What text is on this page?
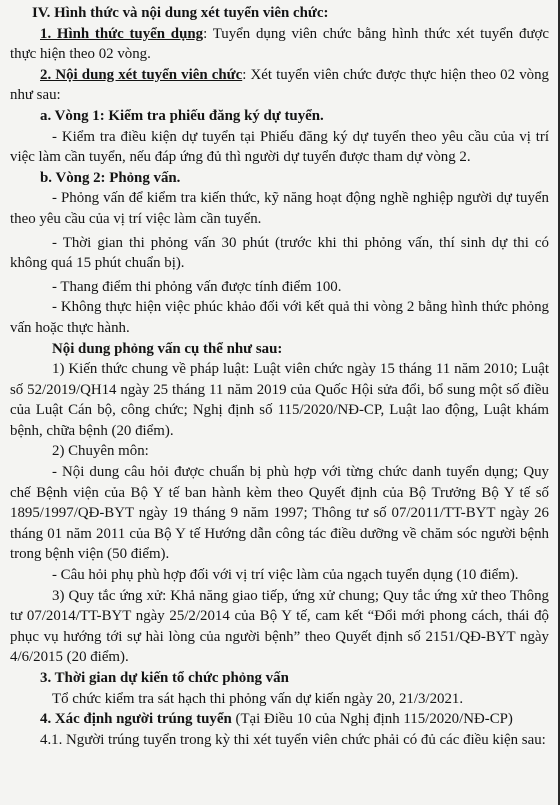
IV. Hình thức và nội dung xét tuyển viên chức:

1. Hình thức tuyển dụng: Tuyển dụng viên chức bằng hình thức xét tuyển được thực hiện theo 02 vòng.

2. Nội dung xét tuyển viên chức: Xét tuyển viên chức được thực hiện theo 02 vòng như sau:

a. Vòng 1: Kiểm tra phiếu đăng ký dự tuyển.

- Kiểm tra điều kiện dự tuyển tại Phiếu đăng ký dự tuyển theo yêu cầu của vị trí việc làm cần tuyển, nếu đáp ứng đủ thì người dự tuyển được tham dự vòng 2.

b. Vòng 2: Phỏng vấn.

- Phỏng vấn để kiểm tra kiến thức, kỹ năng hoạt động nghề nghiệp người dự tuyển theo yêu cầu của vị trí việc làm cần tuyển.

- Thời gian thi phỏng vấn 30 phút (trước khi thi phỏng vấn, thí sinh dự thi có không quá 15 phút chuẩn bị).

- Thang điểm thi phỏng vấn được tính điểm 100.

- Không thực hiện việc phúc khảo đối với kết quả thi vòng 2 bằng hình thức phỏng vấn hoặc thực hành.

Nội dung phỏng vấn cụ thể như sau:

1) Kiến thức chung về pháp luật: Luật viên chức ngày 15 tháng 11 năm 2010; Luật số 52/2019/QH14 ngày 25 tháng 11 năm 2019 của Quốc Hội sửa đổi, bổ sung một số điều của Luật Cán bộ, công chức; Nghị định số 115/2020/NĐ-CP, Luật lao động, Luật khám bệnh, chữa bệnh (20 điểm).

2) Chuyên môn:

- Nội dung câu hỏi được chuẩn bị phù hợp với từng chức danh tuyển dụng; Quy chế Bệnh viện của Bộ Y tế ban hành kèm theo Quyết định của Bộ Trưởng Bộ Y tế số 1895/1997/QĐ-BYT ngày 19 tháng 9 năm 1997; Thông tư số 07/2011/TT-BYT ngày 26 tháng 01 năm 2011 của Bộ Y tế Hướng dẫn công tác điều dưỡng về chăm sóc người bệnh trong bệnh viện (50 điểm).

- Câu hỏi phụ phù hợp đối với vị trí việc làm của ngạch tuyển dụng (10 điểm).

3) Quy tắc ứng xử: Khả năng giao tiếp, ứng xử chung; Quy tắc ứng xử theo Thông tư 07/2014/TT-BYT ngày 25/2/2014 của Bộ Y tế, cam kết “Đổi mới phong cách, thái độ phục vụ hướng tới sự hài lòng của người bệnh” theo Quyết định số 2151/QĐ-BYT ngày 4/6/2015 (20 điểm).

3. Thời gian dự kiến tổ chức phỏng vấn

Tổ chức kiểm tra sát hạch thi phỏng vấn dự kiến ngày 20, 21/3/2021.

4. Xác định người trúng tuyển (Tại Điều 10 của Nghị định 115/2020/NĐ-CP)

4.1. Người trúng tuyển trong kỳ thi xét tuyển viên chức phải có đủ các điều kiện sau:
